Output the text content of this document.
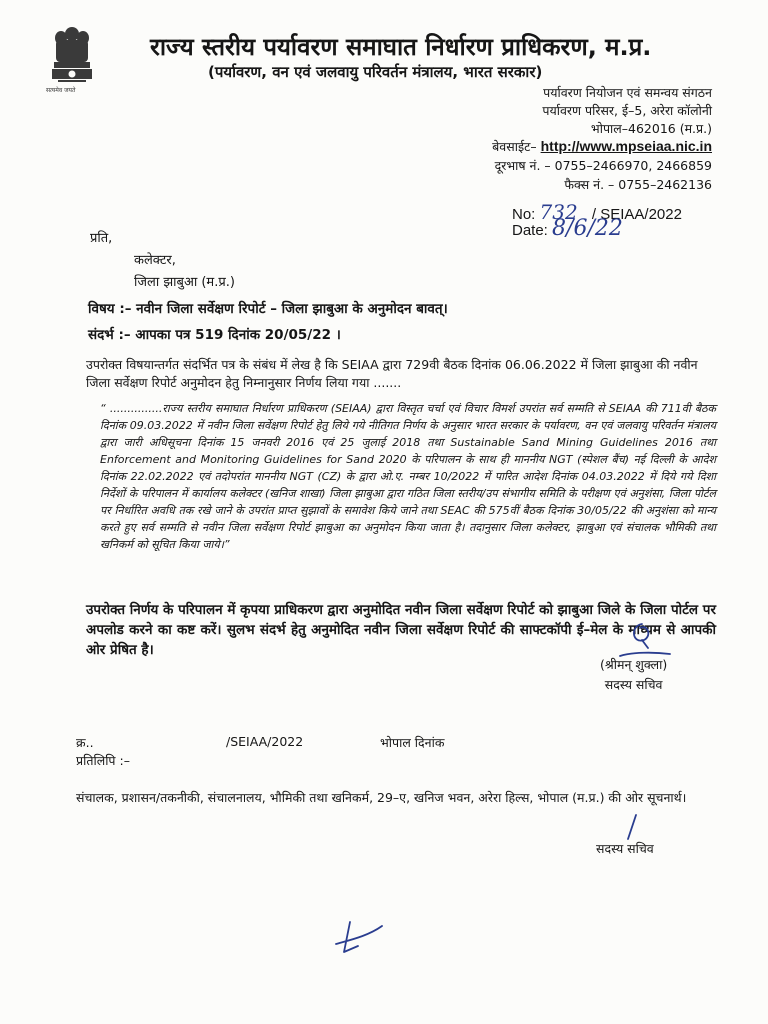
सत्यमेव जयते
राज्य स्तरीय पर्यावरण समाघात निर्धारण प्राधिकरण, म.प्र.
(पर्यावरण, वन एवं जलवायु परिवर्तन मंत्रालय, भारत सरकार)
पर्यावरण नियोजन एवं समन्वय संगठन
पर्यावरण परिसर, ई–5, अरेरा कॉलोनी
भोपाल–462016 (म.प्र.)
बेवसाईट– http://www.mpseiaa.nic.in
दूरभाष नं. – 0755–2466970, 2466859
फैक्स नं. – 0755–2462136
No: 732 / SEIAA/2022
Date: 8/6/22
प्रति,
कलेक्टर,
जिला झाबुआ (म.प्र.)
विषय :– नवीन जिला सर्वेक्षण रिपोर्ट – जिला झाबुआ के अनुमोदन बावत्।
संदर्भ :– आपका पत्र 519 दिनांक 20/05/22 ।
उपरोक्त विषयान्तर्गत संदर्भित पत्र के संबंध में लेख है कि SEIAA द्वारा 729वी बैठक दिनांक 06.06.2022 में जिला झाबुआ की नवीन जिला सर्वेक्षण रिपोर्ट अनुमोदन हेतु निम्नानुसार निर्णय लिया गया .......
“ ...............राज्य स्तरीय समाघात निर्धारण प्राधिकरण (SEIAA) द्वारा विस्तृत चर्चा एवं विचार विमर्श उपरांत सर्व सम्मति से SEIAA की 711वी बैठक दिनांक 09.03.2022 में नवीन जिला सर्वेक्षण रिपोर्ट हेतु लिये गये नीतिगत निर्णय के अनुसार भारत सरकार के पर्यावरण, वन एवं जलवायु परिवर्तन मंत्रालय द्वारा जारी अधिसूचना दिनांक 15 जनवरी 2016 एवं 25 जुलाई 2018 तथा Sustainable Sand Mining Guidelines 2016 तथा Enforcement and Monitoring Guidelines for Sand 2020 के परिपालन के साथ ही माननीय NGT (स्पेशल बैंच) नई दिल्ली के आदेश दिनांक 22.02.2022 एवं तदोपरांत माननीय NGT (CZ) के द्वारा ओ.ए. नम्बर 10/2022 में पारित आदेश दिनांक 04.03.2022 में दिये गये दिशा निर्देशों के परिपालन में कार्यालय कलेक्टर (खनिज शाखा) जिला झाबुआ द्वारा गठित जिला स्तरीय/उप संभागीय समिति के परीक्षण एवं अनुशंसा, जिला पोर्टल पर निर्धारित अवधि तक रखे जाने के उपरांत प्राप्त सुझावों के समावेश किये जाने तथा SEAC की 575वीं बैठक दिनांक 30/05/22 की अनुशंसा को मान्य करते हुए सर्व सम्मति से नवीन जिला सर्वेक्षण रिपोर्ट झाबुआ का अनुमोदन किया जाता है। तदानुसार जिला कलेक्टर, झाबुआ एवं संचालक भौमिकी तथा खनिकर्म को सूचित किया जाये।”
उपरोक्त निर्णय के परिपालन में कृपया प्राधिकरण द्वारा अनुमोदित नवीन जिला सर्वेक्षण रिपोर्ट को झाबुआ जिले के जिला पोर्टल पर अपलोड करने का कष्ट करें। सुलभ संदर्भ हेतु अनुमोदित नवीन जिला सर्वेक्षण रिपोर्ट की साफ्टकॉपी ई–मेल के माध्यम से आपकी ओर प्रेषित है।
(श्रीमन् शुक्ला)
सदस्य सचिव
क्र..	/SEIAA/2022	भोपाल दिनांक
प्रतिलिपि :–
संचालक, प्रशासन/तकनीकी, संचालनालय, भौमिकी तथा खनिकर्म, 29–ए, खनिज भवन, अरेरा हिल्स, भोपाल (म.प्र.) की ओर सूचनार्थ।
सदस्य सचिव
